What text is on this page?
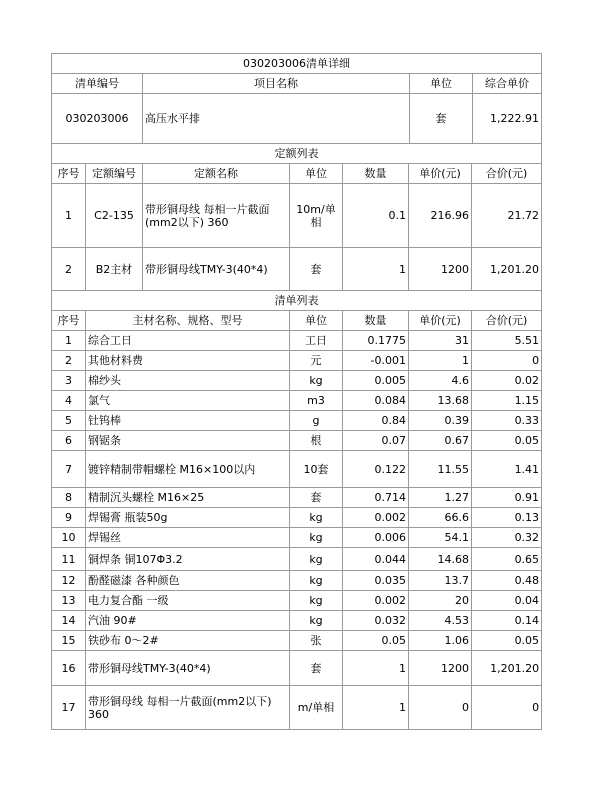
030203006清单详细			
清单编号	项目名称	单位	综合单价
030203006	高压水平排	套	1,222.91
定额列表						
序号	定额编号	定额名称	单位	数量	单价(元)	合价(元)
1	C2-135	带形铜母线 每相一片截面(mm2以下) 360	10m/单相	0.1	216.96	21.72
2	B2主材	带形铜母线TMY-3(40*4)	套	1	1200	1,201.20
清单列表					
序号	主材名称、规格、型号	单位	数量	单价(元)	合价(元)
1	综合工日	工日	0.1775	31	5.51
2	其他材料费	元	-0.001	1	0
3	棉纱头	kg	0.005	4.6	0.02
4	氯气	m3	0.084	13.68	1.15
5	钍钨棒	g	0.84	0.39	0.33
6	钢锯条	根	0.07	0.67	0.05
7	镀锌精制带帽螺栓 M16×100以内	10套	0.122	11.55	1.41
8	精制沉头螺栓 M16×25	套	0.714	1.27	0.91
9	焊锡膏 瓶装50g	kg	0.002	66.6	0.13
10	焊锡丝	kg	0.006	54.1	0.32
11	铜焊条 铜107Φ3.2	kg	0.044	14.68	0.65
12	酚醛磁漆 各种颜色	kg	0.035	13.7	0.48
13	电力复合酯 一级	kg	0.002	20	0.04
14	汽油 90#	kg	0.032	4.53	0.14
15	铁砂布 0～2#	张	0.05	1.06	0.05
16	带形铜母线TMY-3(40*4)	套	1	1200	1,201.20
17	带形铜母线 每相一片截面(mm2以下) 360	m/单相	1	0	0
